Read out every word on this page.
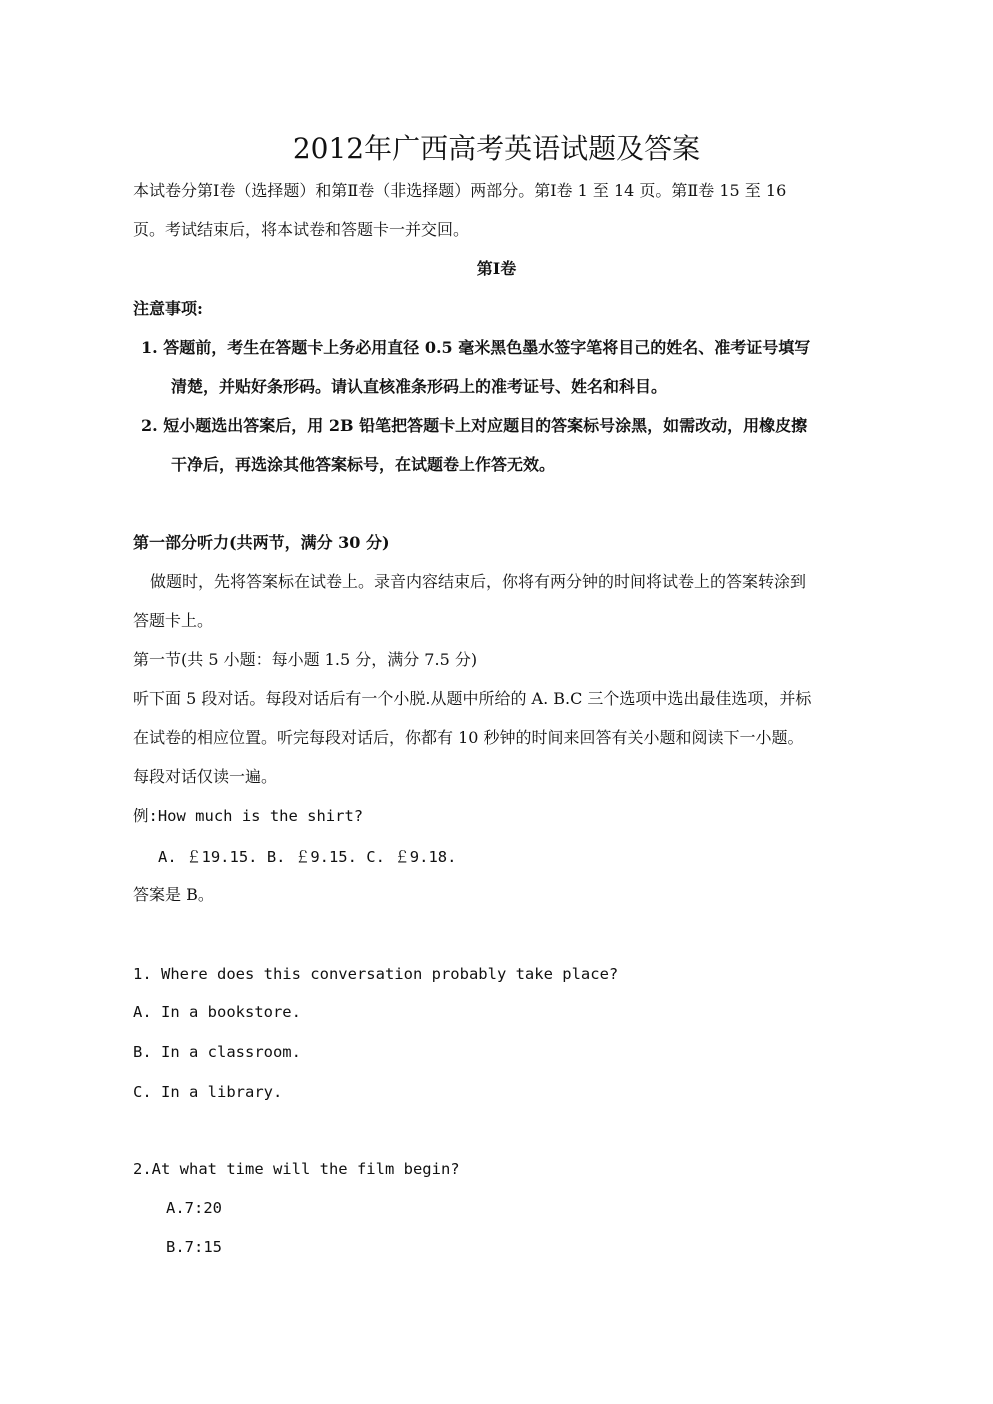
2012年广西高考英语试题及答案
本试卷分第Ⅰ卷（选择题）和第Ⅱ卷（非选择题）两部分。第Ⅰ卷 1 至 14 页。第Ⅱ卷 15 至 16
页。考试结束后，将本试卷和答题卡一并交回。
第Ⅰ卷
注意事项:
1. 答题前，考生在答题卡上务必用直径 0.5 毫米黑色墨水签字笔将目己的姓名、准考证号填写
清楚，并贴好条形码。请认直核准条形码上的准考证号、姓名和科目。
2. 短小题选出答案后，用 2B 铅笔把答题卡上对应题目的答案标号涂黑，如需改动，用橡皮擦
干净后，再选涂其他答案标号，在试题卷上作答无效。
第一部分听力(共两节，满分 30 分)
做题时，先将答案标在试卷上。录音内容结束后，你将有两分钟的时间将试卷上的答案转涂到
答题卡上。
第一节(共 5 小题：每小题 1.5 分，满分 7.5 分)
听下面 5 段对话。每段对话后有一个小脱.从题中所给的 A. B.C 三个选项中选出最佳选项，并标
在试卷的相应位置。听完每段对话后，你都有 10 秒钟的时间来回答有关小题和阅读下一小题。
每段对话仅读一遍。
例:How much is the shirt?
A. ￡19.15. B. ￡9.15. C. ￡9.18.
答案是 B。
1. Where does this conversation probably take place?
A. In a bookstore.
B. In a classroom.
C. In a library.
2.At what time will the film begin?
A.7:20
B.7:15
